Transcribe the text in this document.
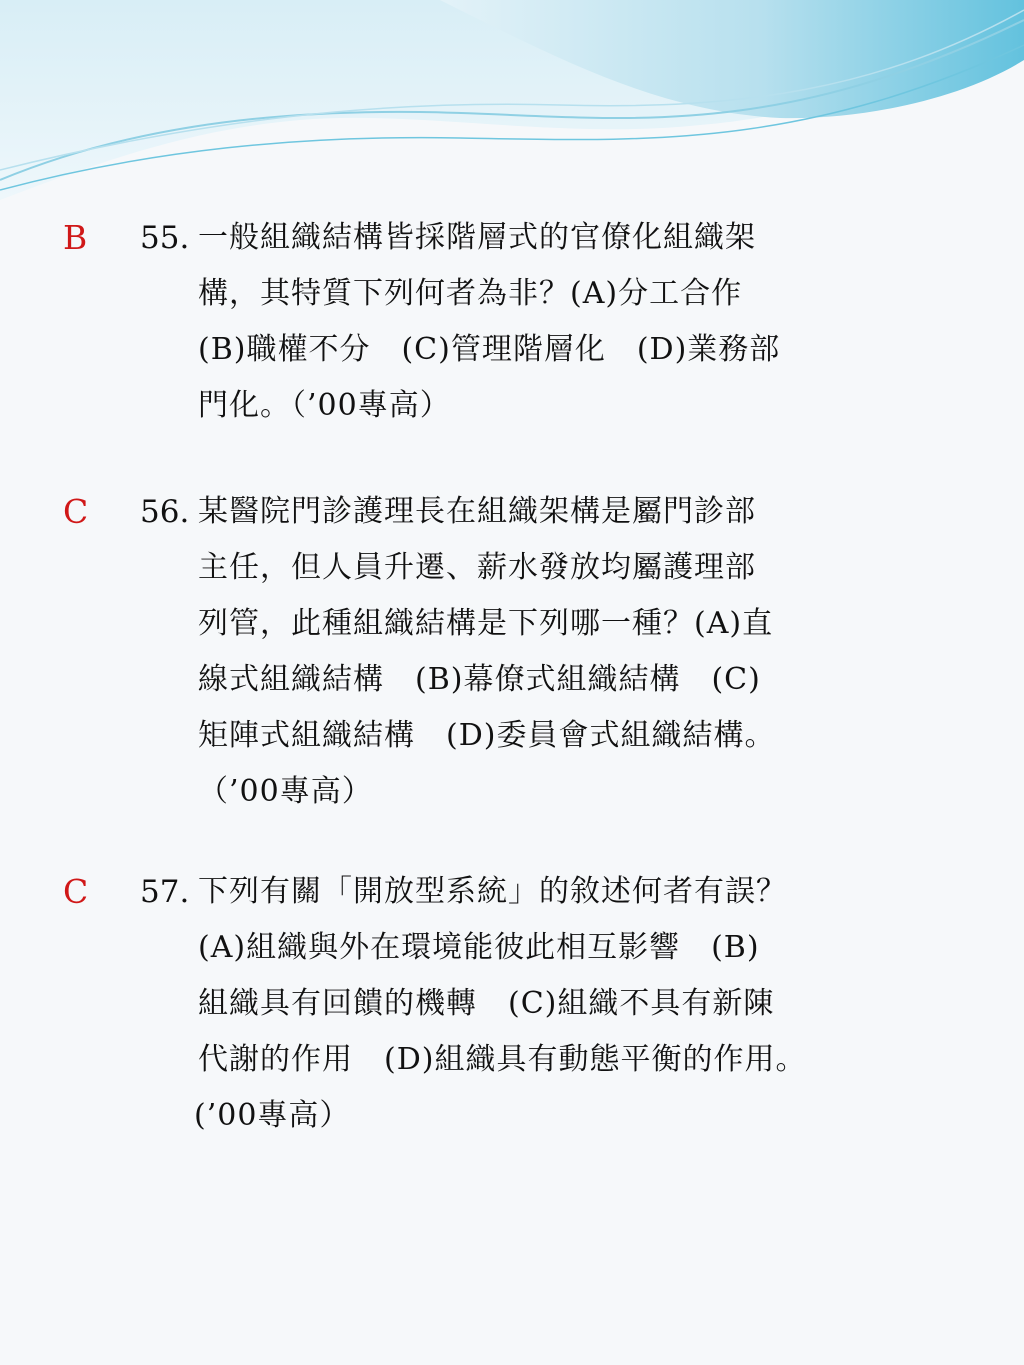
B 55. 一般組織結構皆採階層式的官僚化組織架
構，其特質下列何者為非？(A)分工合作
(B)職權不分　(C)管理階層化　(D)業務部
門化。（’00專高）
C 56. 某醫院門診護理長在組織架構是屬門診部
主任，但人員升遷、薪水發放均屬護理部
列管，此種組織結構是下列哪一種？(A)直
線式組織結構　(B)幕僚式組織結構　(C)
矩陣式組織結構　(D)委員會式組織結構。
（’00專高）
C 57. 下列有關「開放型系統」的敘述何者有誤？
(A)組織與外在環境能彼此相互影響　(B)
組織具有回饋的機轉　(C)組織不具有新陳
代謝的作用　(D)組織具有動態平衡的作用。
(’00專高）
